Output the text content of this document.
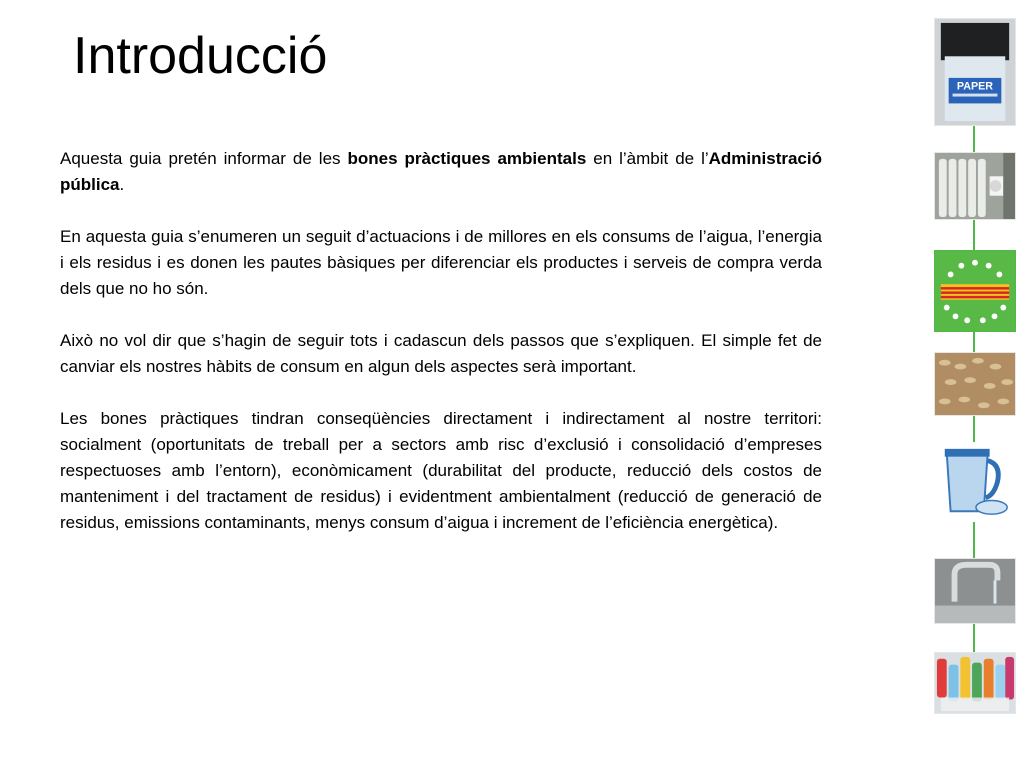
Introducció

Aquesta guia pretén informar de les bones pràctiques ambientals en l’àmbit de l’Administració pública.

En aquesta guia s’enumeren un seguit d’actuacions i de millores en els consums de l’aigua, l’energia i els residus i es donen les pautes bàsiques per diferenciar els productes i serveis de compra verda dels que no ho són.

Això no vol dir que s’hagin de seguir tots i cadascun dels passos que s’expliquen. El simple fet de canviar els nostres hàbits de consum en algun dels aspectes serà important.

Les bones pràctiques tindran conseqüències directament i indirectament al nostre territori: socialment (oportunitats de treball per a sectors amb risc d’exclusió i consolidació d’empreses respectuoses amb l’entorn), econòmicament (durabilitat del producte, reducció dels costos de manteniment i del tractament de residus) i evidentment ambientalment (reducció de generació de residus, emissions contaminants, menys consum d’aigua i increment de l’eficiència energètica).

PAPER
